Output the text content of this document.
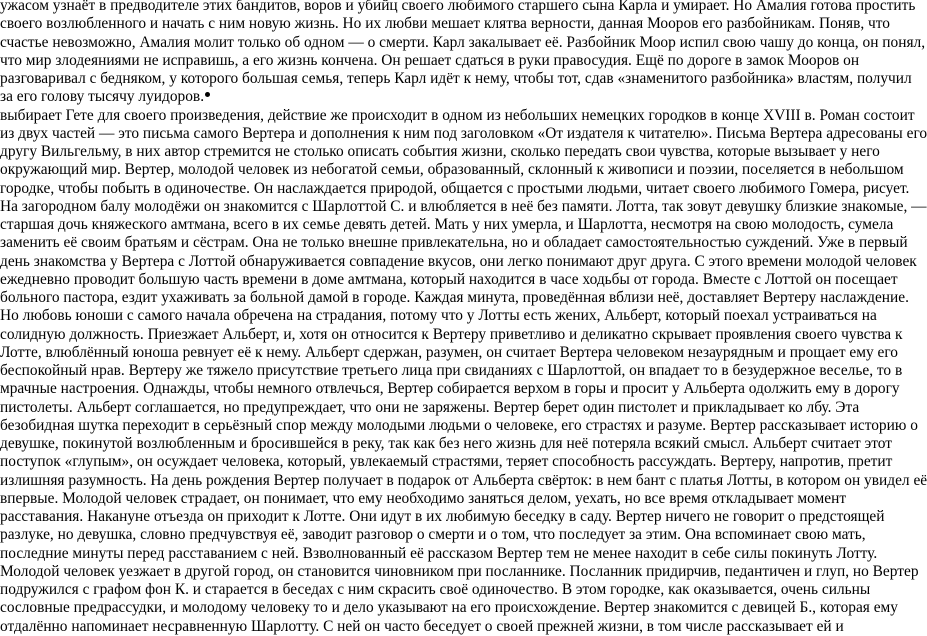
ужасом узнаёт в предводителе этих бандитов, воров и убийц своего любимого старшего сына Карла и умирает. Но Амалия готова простить
своего возлюбленного и начать с ним новую жизнь. Но их любви мешает клятва верности, данная Мооров его разбойникам. Поняв, что
счастье невозможно, Амалия молит только об одном — о смерти. Карл закалывает её. Разбойник Моор испил свою чашу до конца, он понял,
что мир злодеяниями не исправишь, а его жизнь кончена. Он решает сдаться в руки правосудия. Ещё по дороге в замок Мооров он
разговаривал с бедняком, у которого большая семья, теперь Карл идёт к нему, чтобы тот, сдав «знаменитого разбойника» властям, получил
за его голову тысячу луидоров.
выбирает Гете для своего произведения, действие же происходит в одном из небольших немецких городков в конце XVIII в. Роман состоит
из двух частей — это письма самого Вертера и дополнения к ним под заголовком «От издателя к читателю». Письма Вертера адресованы его
другу Вильгельму, в них автор стремится не столько описать события жизни, сколько передать свои чувства, которые вызывает у него
окружающий мир. Вертер, молодой человек из небогатой семьи, образованный, склонный к живописи и поэзии, поселяется в небольшом
городке, чтобы побыть в одиночестве. Он наслаждается природой, общается с простыми людьми, читает своего любимого Гомера, рисует.
На загородном балу молодёжи он знакомится с Шарлоттой С. и влюбляется в неё без памяти. Лотта, так зовут девушку близкие знакомые, —
старшая дочь княжеского амтмана, всего в их семье девять детей. Мать у них умерла, и Шарлотта, несмотря на свою молодость, сумела
заменить её своим братьям и сёстрам. Она не только внешне привлекательна, но и обладает самостоятельностью суждений. Уже в первый
день знакомства у Вертера с Лоттой обнаруживается совпадение вкусов, они легко понимают друг друга. С этого времени молодой человек
ежедневно проводит большую часть времени в доме амтмана, который находится в часе ходьбы от города. Вместе с Лоттой он посещает
больного пастора, ездит ухаживать за больной дамой в городе. Каждая минута, проведённая вблизи неё, доставляет Вертеру наслаждение.
Но любовь юноши с самого начала обречена на страдания, потому что у Лотты есть жених, Альберт, который поехал устраиваться на
солидную должность. Приезжает Альберт, и, хотя он относится к Вертеру приветливо и деликатно скрывает проявления своего чувства к
Лотте, влюблённый юноша ревнует её к нему. Альберт сдержан, разумен, он считает Вертера человеком незаурядным и прощает ему его
беспокойный нрав. Вертеру же тяжело присутствие третьего лица при свиданиях с Шарлоттой, он впадает то в безудержное веселье, то в
мрачные настроения. Однажды, чтобы немного отвлечься, Вертер собирается верхом в горы и просит у Альберта одолжить ему в дорогу
пистолеты. Альберт соглашается, но предупреждает, что они не заряжены. Вертер берет один пистолет и прикладывает ко лбу. Эта
безобидная шутка переходит в серьёзный спор между молодыми людьми о человеке, его страстях и разуме. Вертер рассказывает историю о
девушке, покинутой возлюбленным и бросившейся в реку, так как без него жизнь для неё потеряла всякий смысл. Альберт считает этот
поступок «глупым», он осуждает человека, который, увлекаемый страстями, теряет способность рассуждать. Вертеру, напротив, претит
излишняя разумность. На день рождения Вертер получает в подарок от Альберта свёрток: в нем бант с платья Лотты, в котором он увидел её
впервые. Молодой человек страдает, он понимает, что ему необходимо заняться делом, уехать, но все время откладывает момент
расставания. Накануне отъезда он приходит к Лотте. Они идут в их любимую беседку в саду. Вертер ничего не говорит о предстоящей
разлуке, но девушка, словно предчувствуя её, заводит разговор о смерти и о том, что последует за этим. Она вспоминает свою мать,
последние минуты перед расставанием с ней. Взволнованный её рассказом Вертер тем не менее находит в себе силы покинуть Лотту.
Молодой человек уезжает в другой город, он становится чиновником при посланнике. Посланник придирчив, педантичен и глуп, но Вертер
подружился с графом фон К. и старается в беседах с ним скрасить своё одиночество. В этом городке, как оказывается, очень сильны
сословные предрассудки, и молодому человеку то и дело указывают на его происхождение. Вертер знакомится с девицей Б., которая ему
отдалённо напоминает несравненную Шарлотту. С ней он часто беседует о своей прежней жизни, в том числе рассказывает ей и
